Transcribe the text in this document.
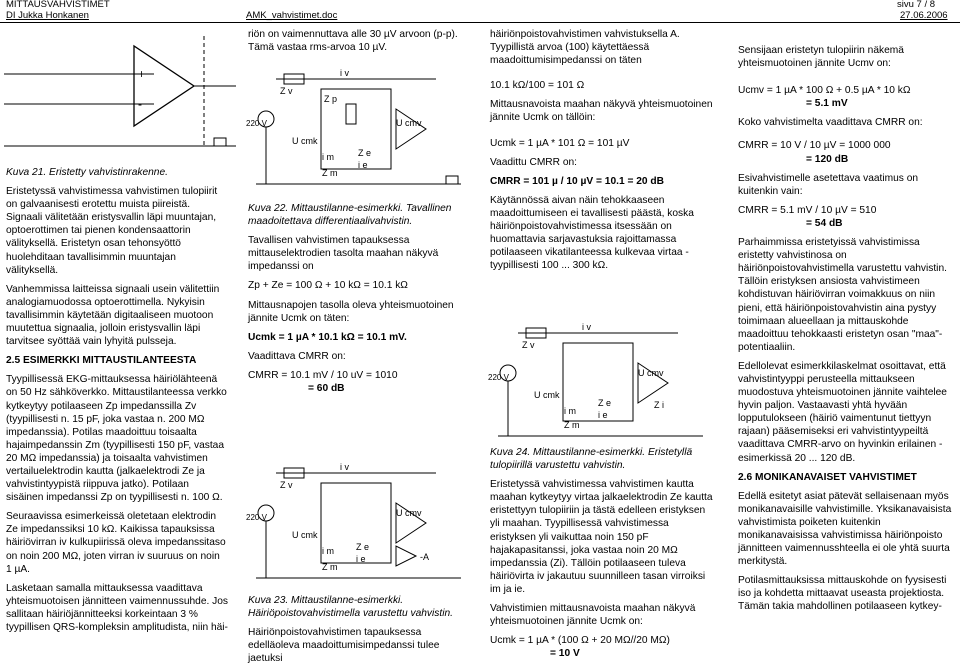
MITTAUSVAHVISTIMET
DI Jukka Honkanen	AMK_vahvistimet.doc
sivu 7 / 8
27.06.2006
+
-

Kuva 21. Eristetty vahvistinrakenne.

Eristetyssä vahvistimessa vahvistimen tulopiirit on galvaanisesti erotettu muista piireistä. Signaali välitetään eristysvallin läpi muuntajan, optoerottimen tai pienen kondensaattorin välityksellä. Eristetyn osan tehonsyöttö huolehditaan tavallisimmin muuntajan välityksellä.

Vanhemmissa laitteissa signaali usein välitettiin analogiamuodossa optoerottimella. Nykyisin tavallisimmin käytetään digitaaliseen muotoon muutettua signaalia, jolloin eristysvallin läpi tarvitsee syöttää vain lyhyitä pulsseja.

2.5 ESIMERKKI MITTAUSTILANTEESTA

Tyypillisessä EKG-mittauksessa häiriölähteenä on 50 Hz sähköverkko. Mittaustilanteessa verkko kytkeytyy potilaaseen Zp impedanssilla Zv (tyypillisesti n. 15 pF, joka vastaa n. 200 MΩ impedanssia). Potilas maadoittuu toisaalta hajaimpedanssin Zm (tyypillisesti 150 pF, vastaa 20 MΩ impedanssia) ja toisaalta vahvistimen vertailuelektrodin kautta (jalkaelektrodi Ze ja vahvistintyypistä riippuva jatko). Potilaan sisäinen impedanssi Zp on tyypillisesti n. 100 Ω.

Seuraavissa esimerkeissä oletetaan elektrodin Ze impedanssiksi 10 kΩ. Kaikissa tapauksissa häiriövirran iv kulkupiirissä oleva impedanssitaso on noin 200 MΩ, joten virran iv suuruus on noin 1 µA.

Lasketaan samalla mittauksessa vaadittava yhteismuotoisen jännitteen vaimennussuhde. Jos sallitaan häiriöjännitteeksi korkeintaan 3 % tyypillisen QRS-kompleksin amplitudista, niin häi-

riön on vaimennuttava alle 30 µV arvoon (p-p).

Tämä vastaa rms-arvoa 10 µV.

Z v
i v
220 V
Z p
U cmv
U cmk
Z e
i e
i m
Z m

Kuva 22. Mittaustilanne-esimerkki. Tavallinen maadoitettava differentiaalivahvistin.

Tavallisen vahvistimen tapauksessa mittauselektrodien tasolta maahan näkyvä impedanssi on

Zp + Ze = 100 Ω + 10 kΩ = 10.1 kΩ

Mittausnapojen tasolla oleva yhteismuotoinen jännite Ucmk on täten:

Ucmk = 1 µA * 10.1 kΩ = 10.1 mV.

Vaadittava CMRR on:

CMRR = 10.1 mV / 10 uV = 1010

= 60 dB

Z v
i v
220 V	U cmv
U cmk
Z e
i e	-A
i m
Z m

Kuva 23. Mittaustilanne-esimerkki. Häiriöpoistovahvistimella varustettu vahvistin.

Häiriönpoistovahvistimen tapauksessa edelläoleva maadoittumisimpedanssi tulee jaetuksi

häiriönpoistovahvistimen vahvistuksella A. Tyypillistä arvoa (100) käytettäessä maadoittumisimpedanssi on täten

10.1 kΩ/100 = 101 Ω

Mittausnavoista maahan näkyvä yhteismuotoinen jännite Ucmk on tällöin:

Ucmk = 1 µA * 101 Ω = 101 µV

Vaadittu CMRR on:

CMRR = 101 µ / 10 µV = 10.1 = 20 dB

Käytännössä aivan näin tehokkaaseen maadoittumiseen ei tavallisesti päästä, koska häiriönpoistovahvistimessa itsessään on huomattavia sarjavastuksia rajoittamassa potilaaseen vikatilanteessa kulkevaa virtaa - tyypillisesti 100 ... 300 kΩ.

Z v
i v
220 V	U cmv
U cmk
Z e
i e
Z i
i m
Z m

Kuva 24. Mittaustilanne-esimerkki. Eristetyllä tulopiirillä varustettu vahvistin.

Eristetyssä vahvistimessa vahvistimen kautta maahan kytkeytyy virtaa jalkaelektrodin Ze kautta eristettyyn tulopiiriin ja tästä edelleen eristyksen yli maahan. Tyypillisessä vahvistimessa eristyksen yli vaikuttaa noin 150 pF hajakapasitanssi, joka vastaa noin 20 MΩ impedanssia (Zi). Tällöin potilaaseen tuleva häiriövirta iv jakautuu suunnilleen tasan virroiksi im ja ie.

Vahvistimien mittausnavoista maahan näkyvä yhteismuotoinen jännite Ucmk on:

Ucmk = 1 µA * (100 Ω + 20 MΩ//20 MΩ)

= 10 V

Sensijaan eristetyn tulopiirin näkemä yhteismuotoinen jännite Ucmv on:

Ucmv = 1 µA * 100 Ω + 0.5 µA * 10 kΩ

= 5.1 mV

Koko vahvistimelta vaadittava CMRR on:

CMRR = 10 V / 10 µV = 1000 000

= 120 dB

Esivahvistimelle asetettava vaatimus on kuitenkin vain:

CMRR = 5.1 mV / 10 µV = 510

= 54 dB

Parhaimmissa eristetyissä vahvistimissa eristetty vahvistinosa on häiriönpoistovahvistimella varustettu vahvistin. Tällöin eristyksen ansiosta vahvistimeen kohdistuvan häiriövirran voimakkuus on niin pieni, että häiriönpoistovahvistin aina pystyy toimimaan alueellaan ja mittauskohde maadoittuu tehokkaasti eristetyn osan "maa"-potentiaaliin.

Edellolevat esimerkkilaskelmat osoittavat, että vahvistintyyppi perusteella mittaukseen muodostuva yhteismuotoinen jännite vaihtelee hyvin paljon. Vastaavasti yhtä hyvään lopputulokseen (häiriö vaimentunut tiettyyn rajaan) pääsemiseksi eri vahvistintyypeiltä vaadittava CMRR-arvo on hyvinkin erilainen - esimerkissä 20 ... 120 dB.

2.6 MONIKANAVAISET VAHVISTIMET

Edellä esitetyt asiat pätevät sellaisenaan myös monikanavaisille vahvistimille. Yksikanavaisista vahvistimista poiketen kuitenkin monikanavaisissa vahvistimissa häiriönpoisto jännitteen vaimennusshteella ei ole yhtä suurta merkitystä.

Potilasmittauksissa mittauskohde on fyysisesti iso ja kohdetta mittaavat useasta projektiosta. Tämän takia mahdollinen potilaaseen kytkey-
